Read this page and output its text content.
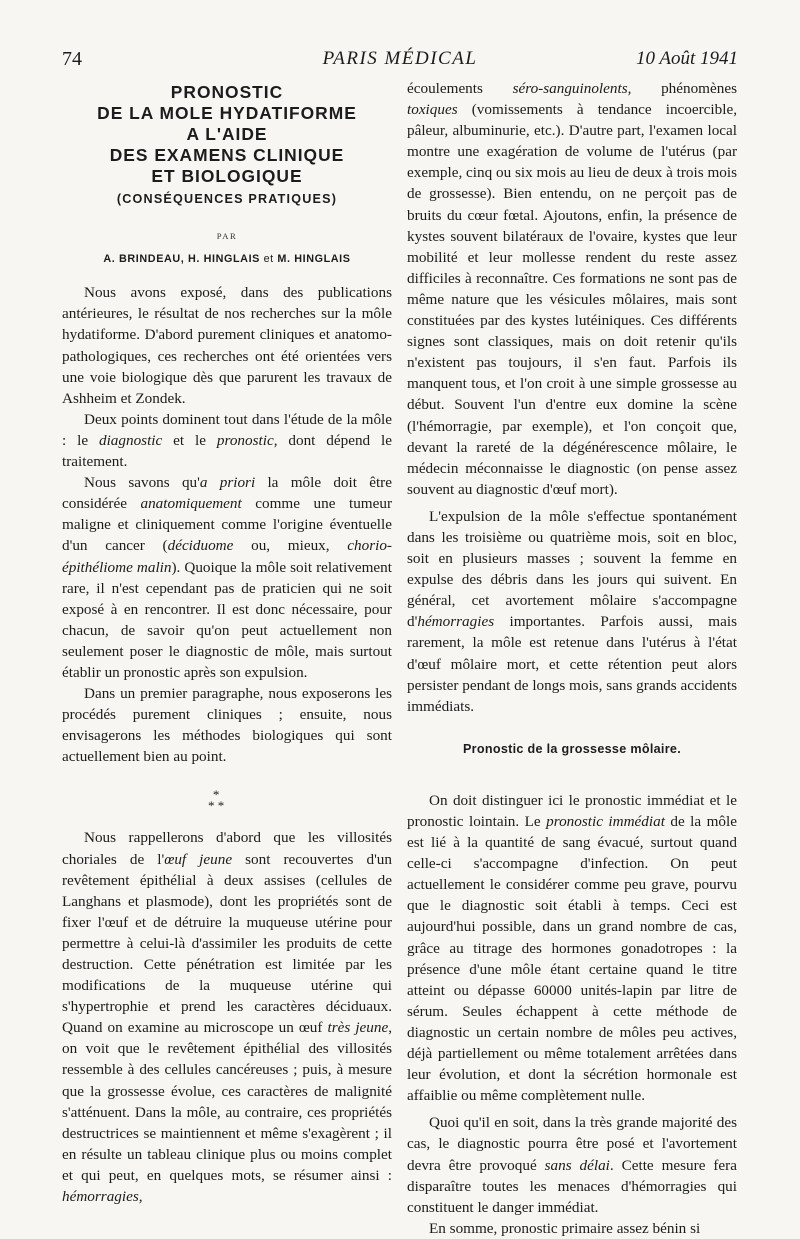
74	PARIS MÉDICAL	10 Août 1941
PRONOSTIC
DE LA MOLE HYDATIFORME
A L'AIDE
DES EXAMENS CLINIQUE
ET BIOLOGIQUE
(CONSÉQUENCES PRATIQUES)
PAR
A. BRINDEAU, H. HINGLAIS et M. HINGLAIS

Nous avons exposé, dans des publications antérieures, le résultat de nos recherches sur la môle hydatiforme. D'abord purement cliniques et anatomo-pathologiques, ces recherches ont été orientées vers une voie biologique dès que parurent les travaux de Ashheim et Zondek.

Deux points dominent tout dans l'étude de la môle : le diagnostic et le pronostic, dont dépend le traitement.

Nous savons qu'a priori la môle doit être considérée anatomiquement comme une tumeur maligne et cliniquement comme l'origine éventuelle d'un cancer (déciduome ou, mieux, chorio-épithéliome malin). Quoique la môle soit relativement rare, il n'est cependant pas de praticien qui ne soit exposé à en rencontrer. Il est donc nécessaire, pour chacun, de savoir qu'on peut actuellement non seulement poser le diagnostic de môle, mais surtout établir un pronostic après son expulsion.

Dans un premier paragraphe, nous exposerons les procédés purement cliniques ; ensuite, nous envisagerons les méthodes biologiques qui sont actuellement bien au point.

*
* *

Nous rappellerons d'abord que les villosités choriales de l'œuf jeune sont recouvertes d'un revêtement épithélial à deux assises (cellules de Langhans et plasmode), dont les propriétés sont de fixer l'œuf et de détruire la muqueuse utérine pour permettre à celui-là d'assimiler les produits de cette destruction. Cette pénétration est limitée par les modifications de la muqueuse utérine qui s'hypertrophie et prend les caractères déciduaux. Quand on examine au microscope un œuf très jeune, on voit que le revêtement épithélial des villosités ressemble à des cellules cancéreuses ; puis, à mesure que la grossesse évolue, ces caractères de malignité s'atténuent. Dans la môle, au contraire, ces propriétés destructrices se maintiennent et même s'exagèrent ; il en résulte un tableau clinique plus ou moins complet et qui peut, en quelques mots, se résumer ainsi : hémorragies,

écoulements séro-sanguinolents, phénomènes toxiques (vomissements à tendance incoercible, pâleur, albuminurie, etc.). D'autre part, l'examen local montre une exagération de volume de l'utérus (par exemple, cinq ou six mois au lieu de deux à trois mois de grossesse). Bien entendu, on ne perçoit pas de bruits du cœur fœtal. Ajoutons, enfin, la présence de kystes souvent bilatéraux de l'ovaire, kystes que leur mobilité et leur mollesse rendent du reste assez difficiles à reconnaître. Ces formations ne sont pas de même nature que les vésicules môlaires, mais sont constituées par des kystes lutéiniques. Ces différents signes sont classiques, mais on doit retenir qu'ils n'existent pas toujours, il s'en faut. Parfois ils manquent tous, et l'on croit à une simple grossesse au début. Souvent l'un d'entre eux domine la scène (l'hémorragie, par exemple), et l'on conçoit que, devant la rareté de la dégénérescence môlaire, le médecin méconnaisse le diagnostic (on pense assez souvent au diagnostic d'œuf mort).

L'expulsion de la môle s'effectue spontanément dans les troisième ou quatrième mois, soit en bloc, soit en plusieurs masses ; souvent la femme en expulse des débris dans les jours qui suivent. En général, cet avortement môlaire s'accompagne d'hémorragies importantes. Parfois aussi, mais rarement, la môle est retenue dans l'utérus à l'état d'œuf môlaire mort, et cette rétention peut alors persister pendant de longs mois, sans grands accidents immédiats.

Pronostic de la grossesse môlaire.

On doit distinguer ici le pronostic immédiat et le pronostic lointain. Le pronostic immédiat de la môle est lié à la quantité de sang évacué, surtout quand celle-ci s'accompagne d'infection. On peut actuellement le considérer comme peu grave, pourvu que le diagnostic soit établi à temps. Ceci est aujourd'hui possible, dans un grand nombre de cas, grâce au titrage des hormones gonadotropes : la présence d'une môle étant certaine quand le titre atteint ou dépasse 60000 unités-lapin par litre de sérum. Seules échappent à cette méthode de diagnostic un certain nombre de môles peu actives, déjà partiellement ou même totalement arrêtées dans leur évolution, et dont la sécrétion hormonale est affaiblie ou même complètement nulle.

Quoi qu'il en soit, dans la très grande majorité des cas, le diagnostic pourra être posé et l'avortement devra être provoqué sans délai. Cette mesure fera disparaître toutes les menaces d'hémorragies qui constituent le danger immédiat.

En somme, pronostic primaire assez bénin si
